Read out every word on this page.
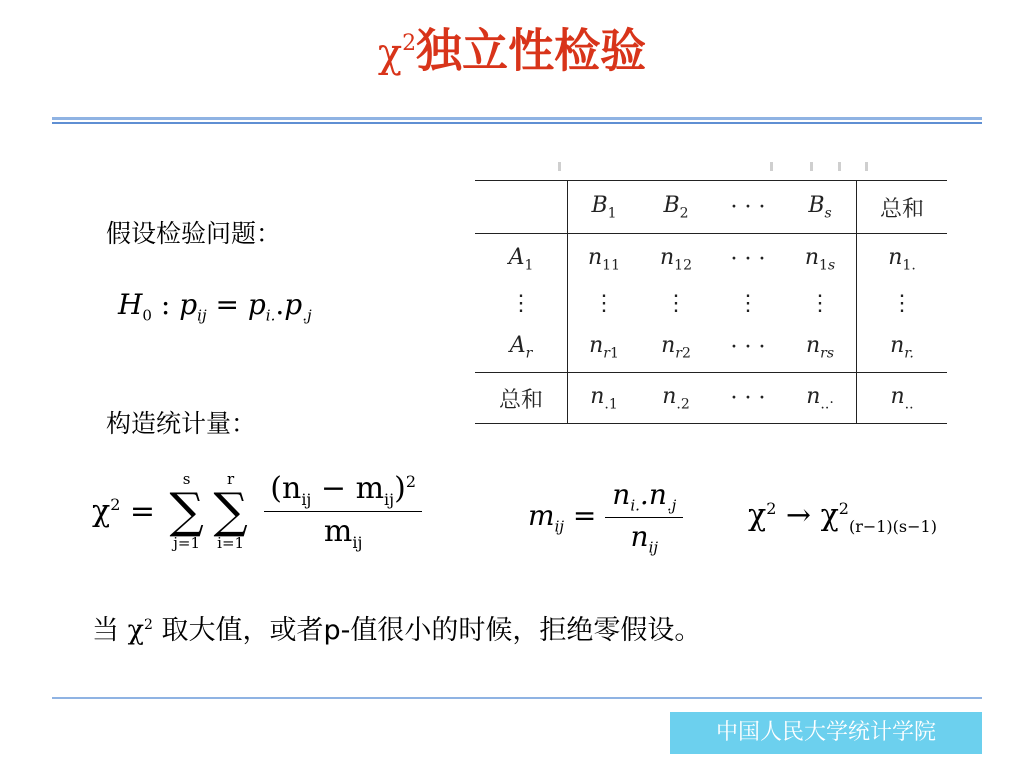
$\chi^2$独立性检验
假设检验问题：
$H_0$ : $p_{ij} = p_{i.}.p_{.j}$
	$B_1$	$B_2$	· · ·	$B_s$	总和
$A_1$	$n_{11}$	$n_{12}$	· · ·	$n_{1s}$	$n_{1.}$
⋮	⋮	⋮	⋮	⋮	⋮
$A_r$	$n_{r1}$	$n_{r2}$	· · ·	$n_{rs}$	$n_{r.}$
总和	$n_{.1}$	$n_{.2}$	· · ·	$n_{..}$.	$n_{..}$
构造统计量：
$\chi^2$ =
s
∑
j=1
r
∑
i=1
$\frac{(n_{ij} - m_{ij})^2}{m_{ij}}$	$m_{ij} = \frac{n_{i.}.n_{.j}}{n_{ij}} \chi^2 \to \chi^2_{(r-1)(s-1)}$
当 $\chi^2$ 取大值，或者p-值很小的时候，拒绝零假设。
中国人民大学统计学院
